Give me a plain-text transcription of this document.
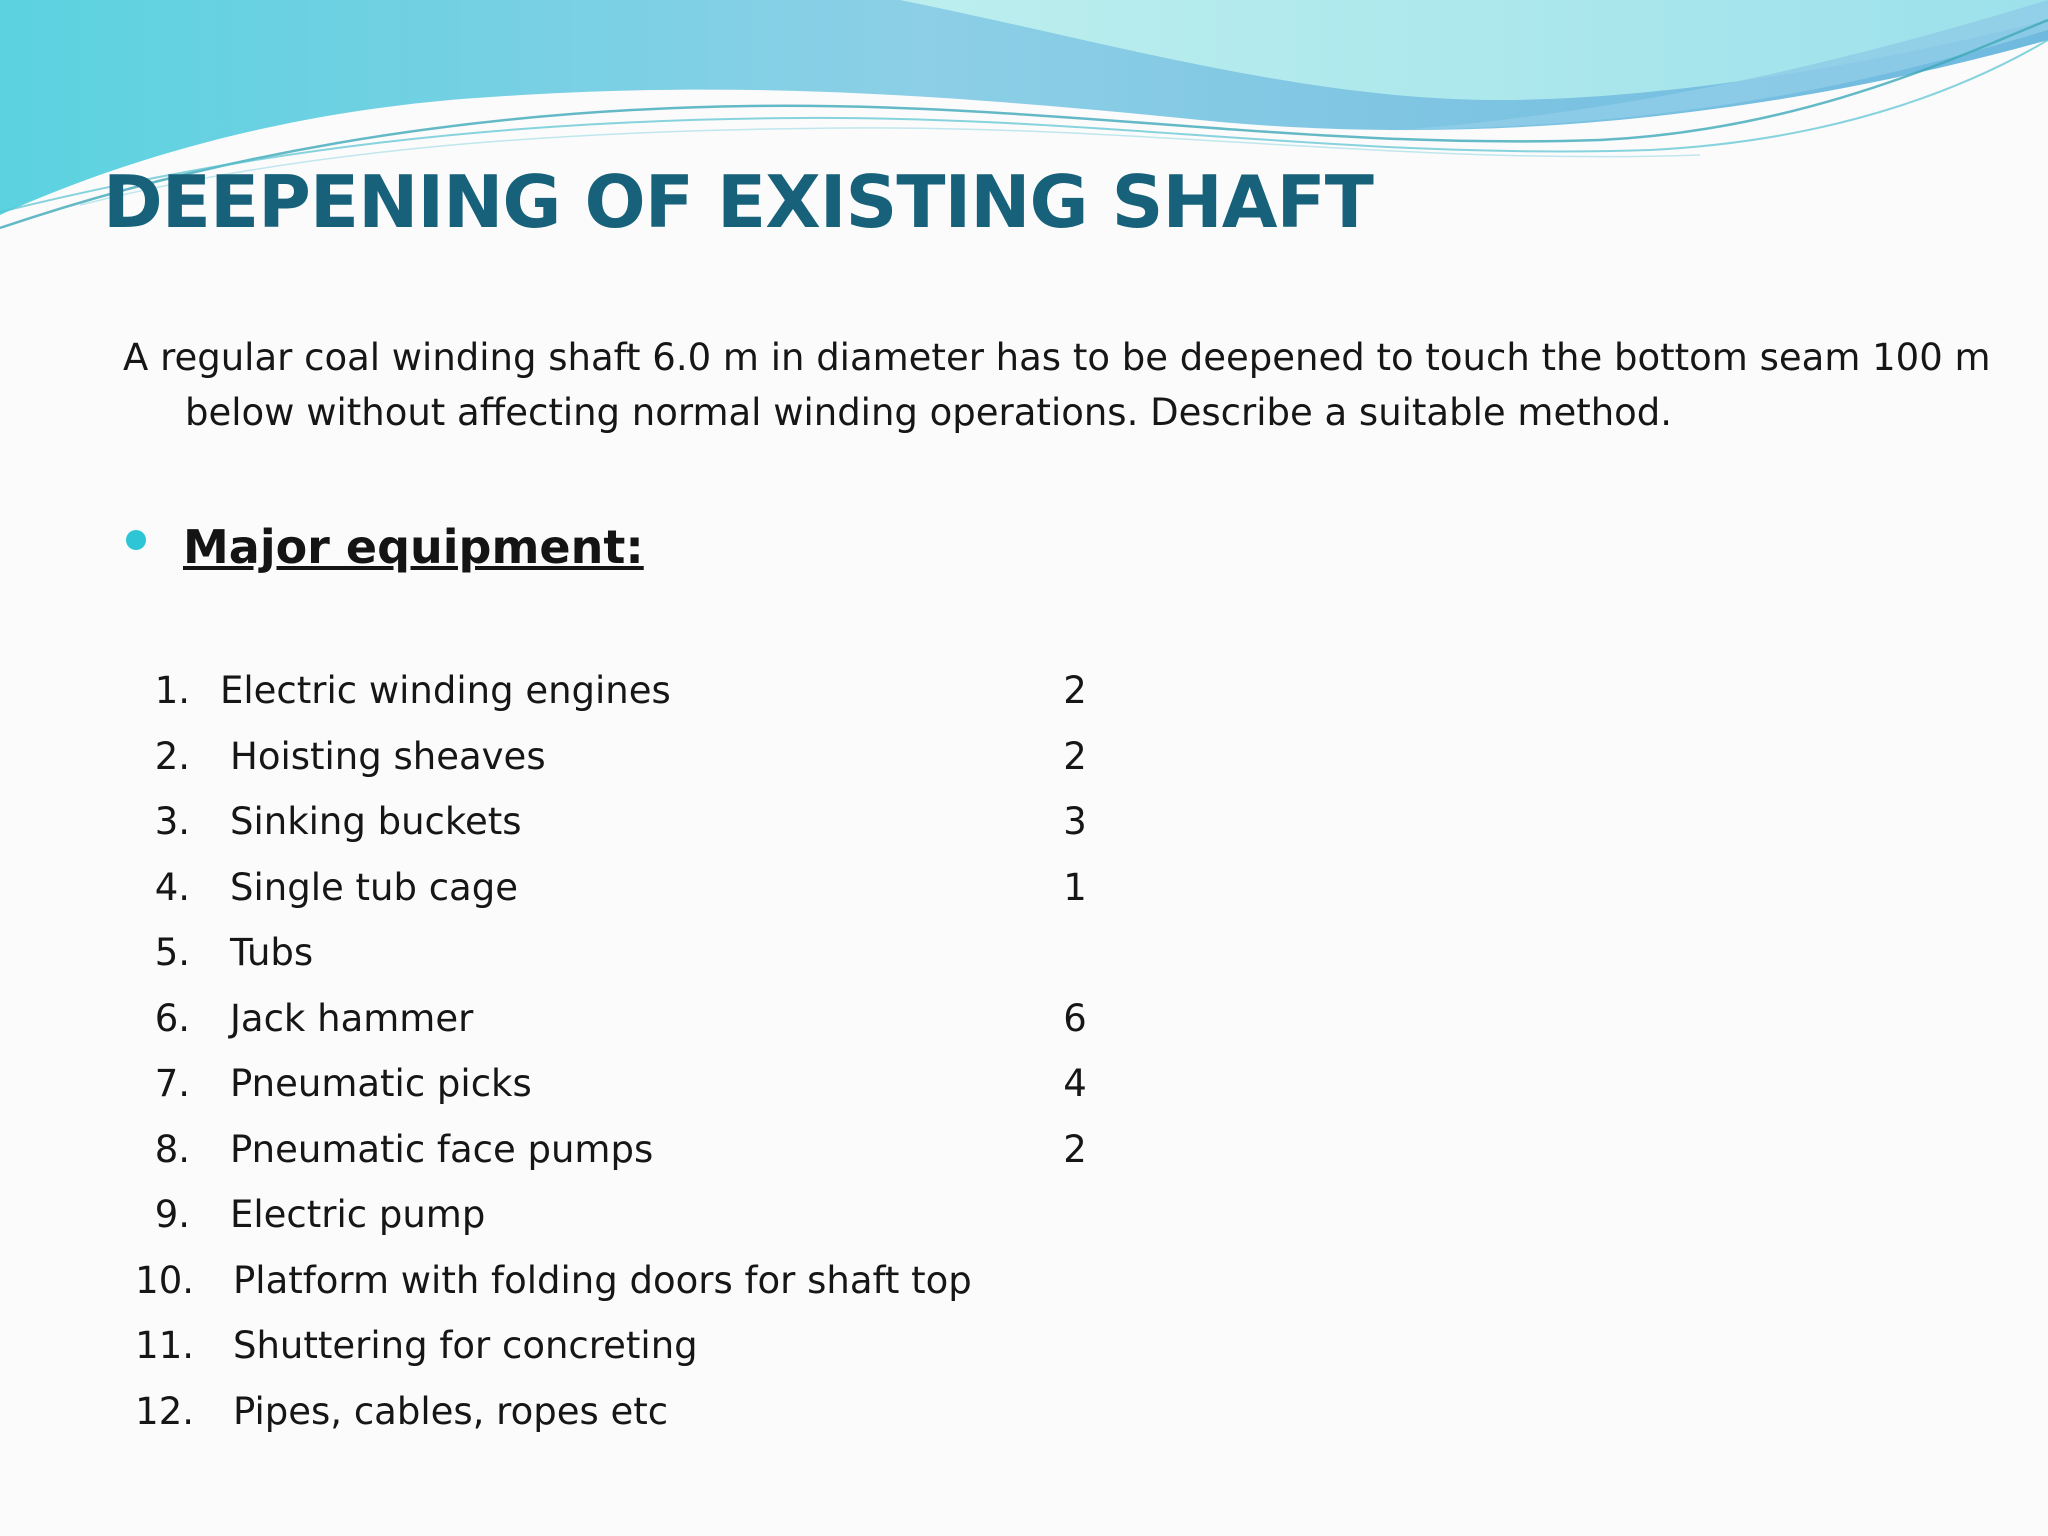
DEEPENING OF EXISTING SHAFT

A regular coal winding shaft 6.0 m in diameter has to be deepened to touch the bottom seam 100 m below without affecting normal winding operations. Describe a suitable method.

Major equipment:
1. Electric winding engines	2
2. Hoisting sheaves	2
3. Sinking buckets	3
4. Single tub cage	1
5. Tubs
6. Jack hammer	6
7. Pneumatic picks	4
8. Pneumatic face pumps	2
9. Electric pump
10. Platform with folding doors for shaft top
11. Shuttering for concreting
12. Pipes, cables, ropes etc
